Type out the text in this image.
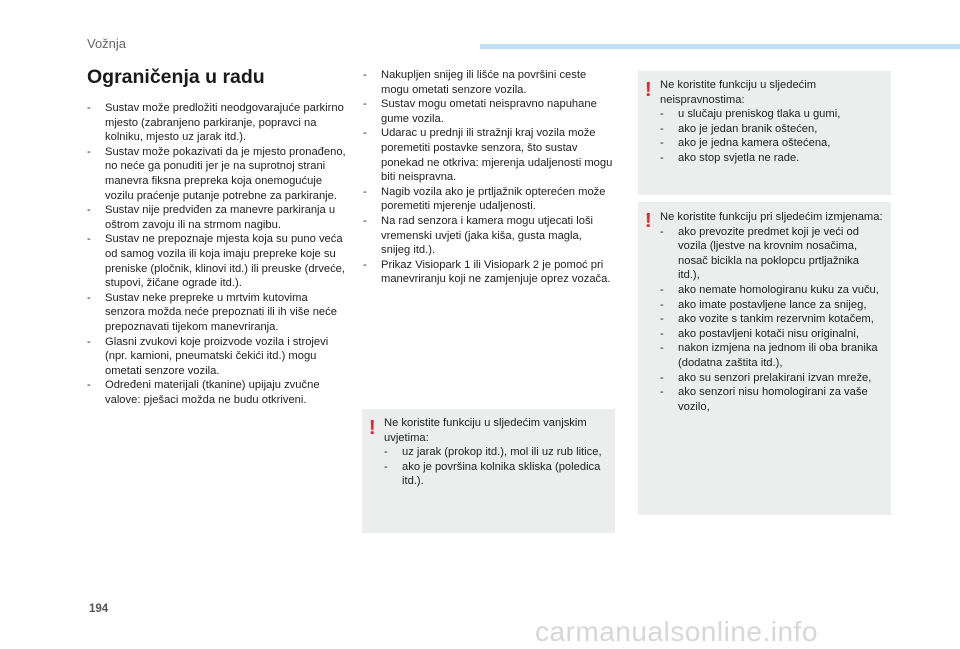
Vožnja
Ograničenja u radu
- Sustav može predložiti neodgovarajuće parkirno mjesto (zabranjeno parkiranje, popravci na kolniku, mjesto uz jarak itd.).
- Sustav može pokazivati da je mjesto pronađeno, no neće ga ponuditi jer je na suprotnoj strani manevra fiksna prepreka koja onemogućuje vozilu praćenje putanje potrebne za parkiranje.
- Sustav nije predviđen za manevre parkiranja u oštrom zavoju ili na strmom nagibu.
- Sustav ne prepoznaje mjesta koja su puno veća od samog vozila ili koja imaju prepreke koje su preniske (pločnik, klinovi itd.) ili preuske (drveće, stupovi, žičane ograde itd.).
- Sustav neke prepreke u mrtvim kutovima senzora možda neće prepoznati ili ih više neće prepoznavati tijekom manevriranja.
- Glasni zvukovi koje proizvode vozila i strojevi (npr. kamioni, pneumatski čekići itd.) mogu ometati senzore vozila.
- Određeni materijali (tkanine) upijaju zvučne valove: pješaci možda ne budu otkriveni.
- Nakupljen snijeg ili lišće na površini ceste mogu ometati senzore vozila.
- Sustav mogu ometati neispravno napuhane gume vozila.
- Udarac u prednji ili stražnji kraj vozila može poremetiti postavke senzora, što sustav ponekad ne otkriva: mjerenja udaljenosti mogu biti neispravna.
- Nagib vozila ako je prtljažnik opterećen može poremetiti mjerenje udaljenosti.
- Na rad senzora i kamera mogu utjecati loši vremenski uvjeti (jaka kiša, gusta magla, snijeg itd.).
- Prikaz Visiopark 1 ili Visiopark 2 je pomoć pri manevriranju koji ne zamjenjuje oprez vozača.
! Ne koristite funkciju u sljedećim vanjskim uvjetima:

- uz jarak (prokop itd.), mol ili uz rub litice,
- ako je površina kolnika skliska (poledica itd.).
! Ne koristite funkciju u sljedećim neispravnostima:

- u slučaju preniskog tlaka u gumi,
- ako je jedan branik oštećen,
- ako je jedna kamera oštećena,
- ako stop svjetla ne rade.
! Ne koristite funkciju pri sljedećim izmjenama:

- ako prevozite predmet koji je veći od vozila (ljestve na krovnim nosačima, nosač bicikla na poklopcu prtljažnika itd.),
- ako nemate homologiranu kuku za vuču,
- ako imate postavljene lance za snijeg,
- ako vozite s tankim rezervnim kotačem,
- ako postavljeni kotači nisu originalni,
- nakon izmjena na jednom ili oba branika (dodatna zaštita itd.),
- ako su senzori prelakirani izvan mreže,
- ako senzori nisu homologirani za vaše vozilo,
194
carmanualsonline.info
